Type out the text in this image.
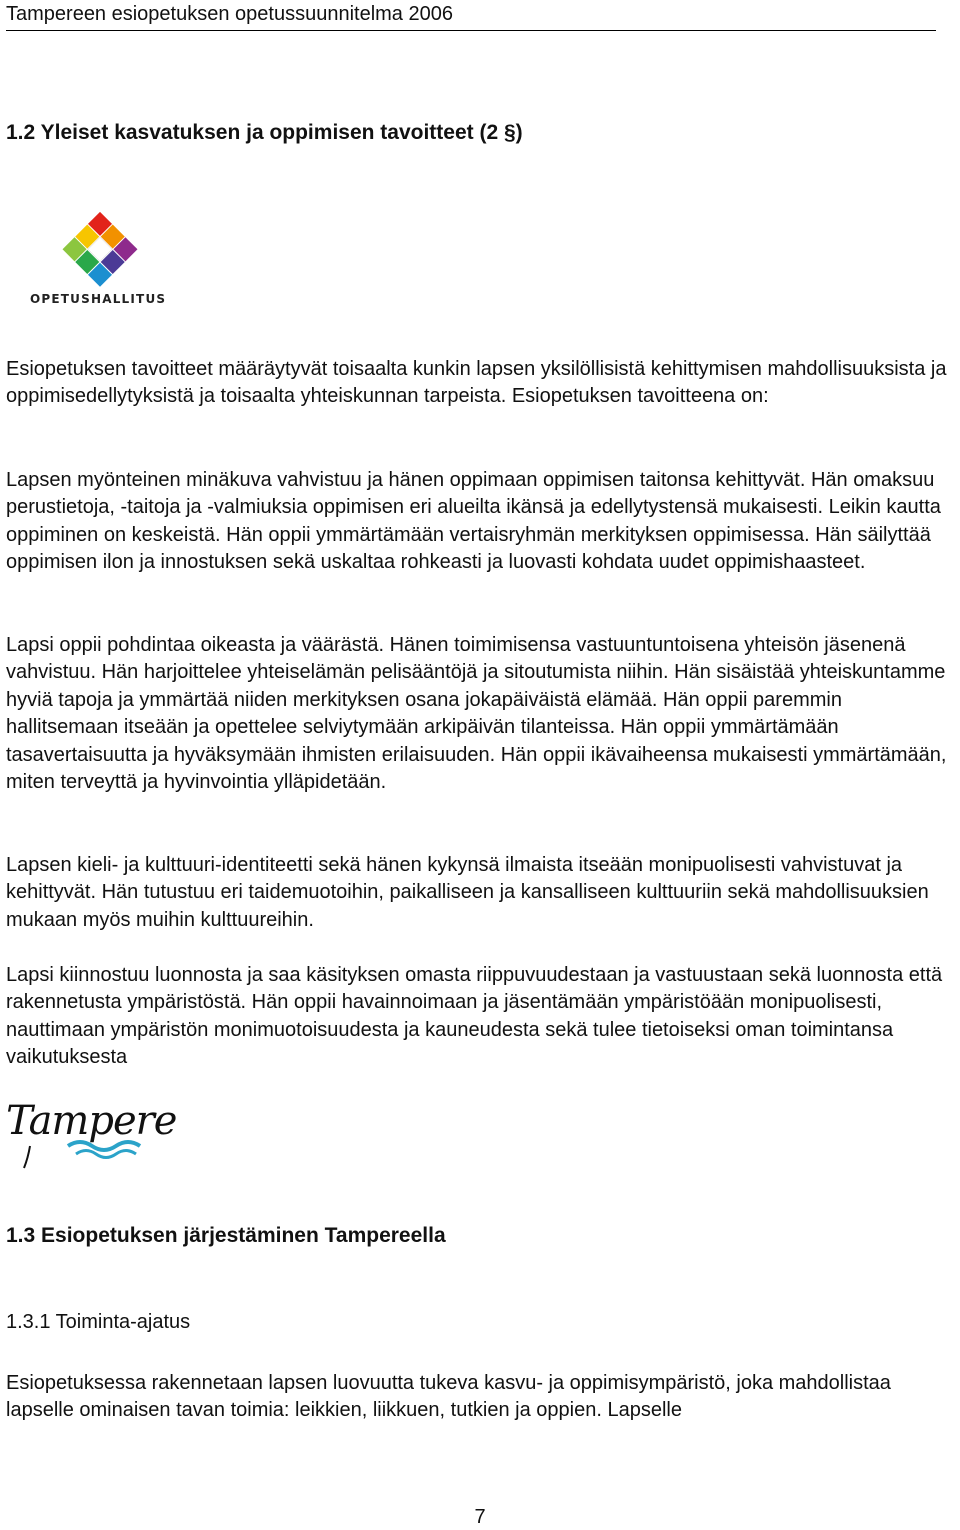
Tampereen esiopetuksen opetussuunnitelma 2006
1.2 Yleiset kasvatuksen ja oppimisen tavoitteet (2 §)
OPETUSHALLITUS

Esiopetuksen tavoitteet määräytyvät toisaalta kunkin lapsen yksilöllisistä kehittymisen mahdollisuuksista ja oppimisedellytyksistä ja toisaalta yhteiskunnan tarpeista. Esiopetuksen tavoitteena on:

Lapsen myönteinen minäkuva vahvistuu ja hänen oppimaan oppimisen taitonsa kehittyvät. Hän omaksuu perustietoja, -taitoja ja -valmiuksia oppimisen eri alueilta ikänsä ja edellytystensä mukaisesti. Leikin kautta oppiminen on keskeistä. Hän oppii ymmärtämään vertaisryhmän merkityksen oppimisessa. Hän säilyttää oppimisen ilon ja innostuksen sekä uskaltaa rohkeasti ja luovasti kohdata uudet oppimishaasteet.

Lapsi oppii pohdintaa oikeasta ja väärästä. Hänen toimimisensa vastuuntuntoisena yhteisön jäsenenä vahvistuu. Hän harjoittelee yhteiselämän pelisääntöjä ja sitoutumista niihin. Hän sisäistää yhteiskuntamme hyviä tapoja ja ymmärtää niiden merkityksen osana jokapäiväistä elämää. Hän oppii paremmin hallitsemaan itseään ja opettelee selviytymään arkipäivän tilanteissa. Hän oppii ymmärtämään tasavertaisuutta ja hyväksymään ihmisten erilaisuuden. Hän oppii ikävaiheensa mukaisesti ymmärtämään, miten terveyttä ja hyvinvointia ylläpidetään.

Lapsen kieli- ja kulttuuri-identiteetti sekä hänen kykynsä ilmaista itseään monipuolisesti vahvistuvat ja kehittyvät. Hän tutustuu eri taidemuotoihin, paikalliseen ja kansalliseen kulttuuriin sekä mahdollisuuksien mukaan myös muihin kulttuureihin.

Lapsi kiinnostuu luonnosta ja saa käsityksen omasta riippuvuudestaan ja vastuustaan sekä luonnosta että rakennetusta ympäristöstä. Hän oppii havainnoimaan ja jäsentämään ympäristöään monipuolisesti, nauttimaan ympäristön monimuotoisuudesta ja kauneudesta sekä tulee tietoiseksi oman toimintansa vaikutuksesta

Tampere
1.3 Esiopetuksen järjestäminen Tampereella
1.3.1 Toiminta-ajatus

Esiopetuksessa rakennetaan lapsen luovuutta tukeva kasvu- ja oppimisympäristö, joka mahdollistaa lapselle ominaisen tavan toimia: leikkien, liikkuen, tutkien ja oppien. Lapselle

7
